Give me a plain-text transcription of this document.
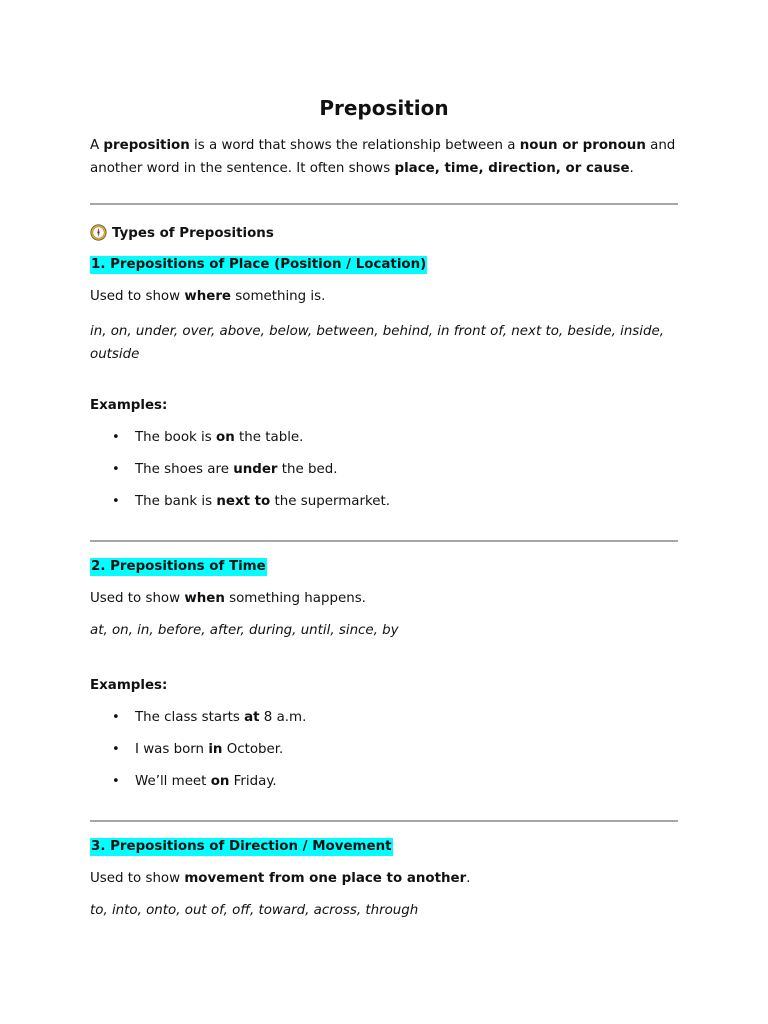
Preposition
A preposition is a word that shows the relationship between a noun or pronoun and
another word in the sentence. It often shows place, time, direction, or cause.
Types of Prepositions
1. Prepositions of Place (Position / Location)
Used to show where something is.
in, on, under, over, above, below, between, behind, in front of, next to, beside, inside,
outside
Examples:
• The book is on the table.
• The shoes are under the bed.
• The bank is next to the supermarket.
2. Prepositions of Time
Used to show when something happens.
at, on, in, before, after, during, until, since, by
Examples:
• The class starts at 8 a.m.
• I was born in October.
• We’ll meet on Friday.
3. Prepositions of Direction / Movement
Used to show movement from one place to another.
to, into, onto, out of, off, toward, across, through
